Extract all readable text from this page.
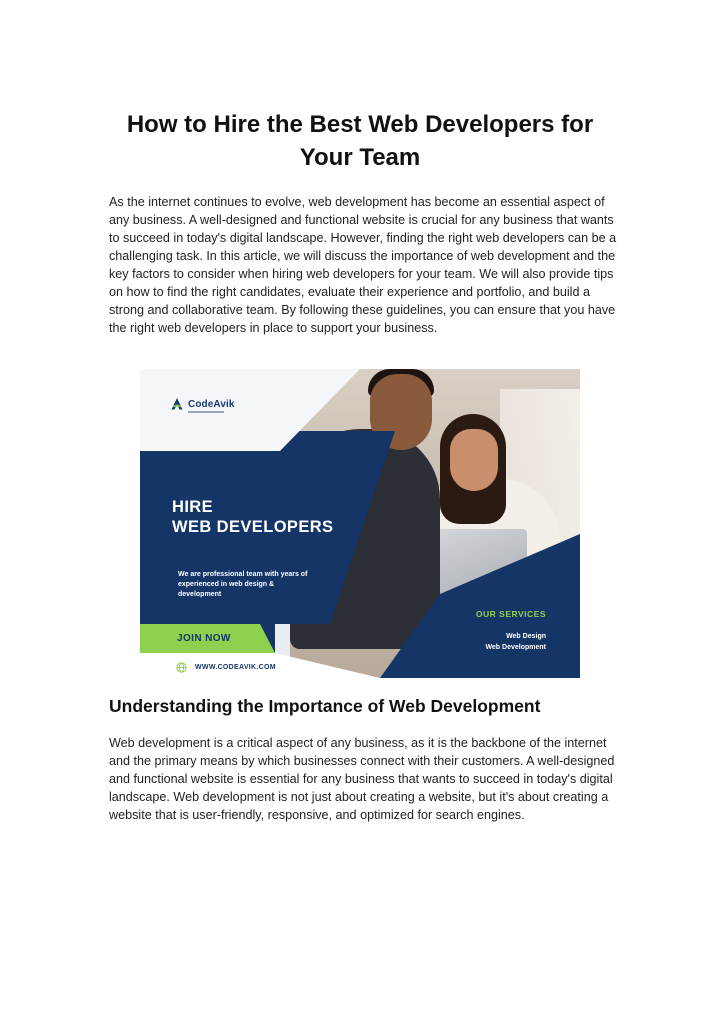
How to Hire the Best Web Developers for
Your Team

As the internet continues to evolve, web development has become an essential aspect of any business. A well-designed and functional website is crucial for any business that wants to succeed in today's digital landscape. However, finding the right web developers can be a challenging task. In this article, we will discuss the importance of web development and the key factors to consider when hiring web developers for your team. We will also provide tips on how to find the right candidates, evaluate their experience and portfolio, and build a strong and collaborative team. By following these guidelines, you can ensure that you have the right web developers in place to support your business.

CodeAvik
HIRE
WEB DEVELOPERS
We are professional team with years of experienced in web design & development
JOIN NOW
WWW.CODEAVIK.COM
OUR SERVICES
Web Design
Web Development
Understanding the Importance of Web Development

Web development is a critical aspect of any business, as it is the backbone of the internet and the primary means by which businesses connect with their customers. A well-designed and functional website is essential for any business that wants to succeed in today's digital landscape. Web development is not just about creating a website, but it's about creating a website that is user-friendly, responsive, and optimized for search engines.
